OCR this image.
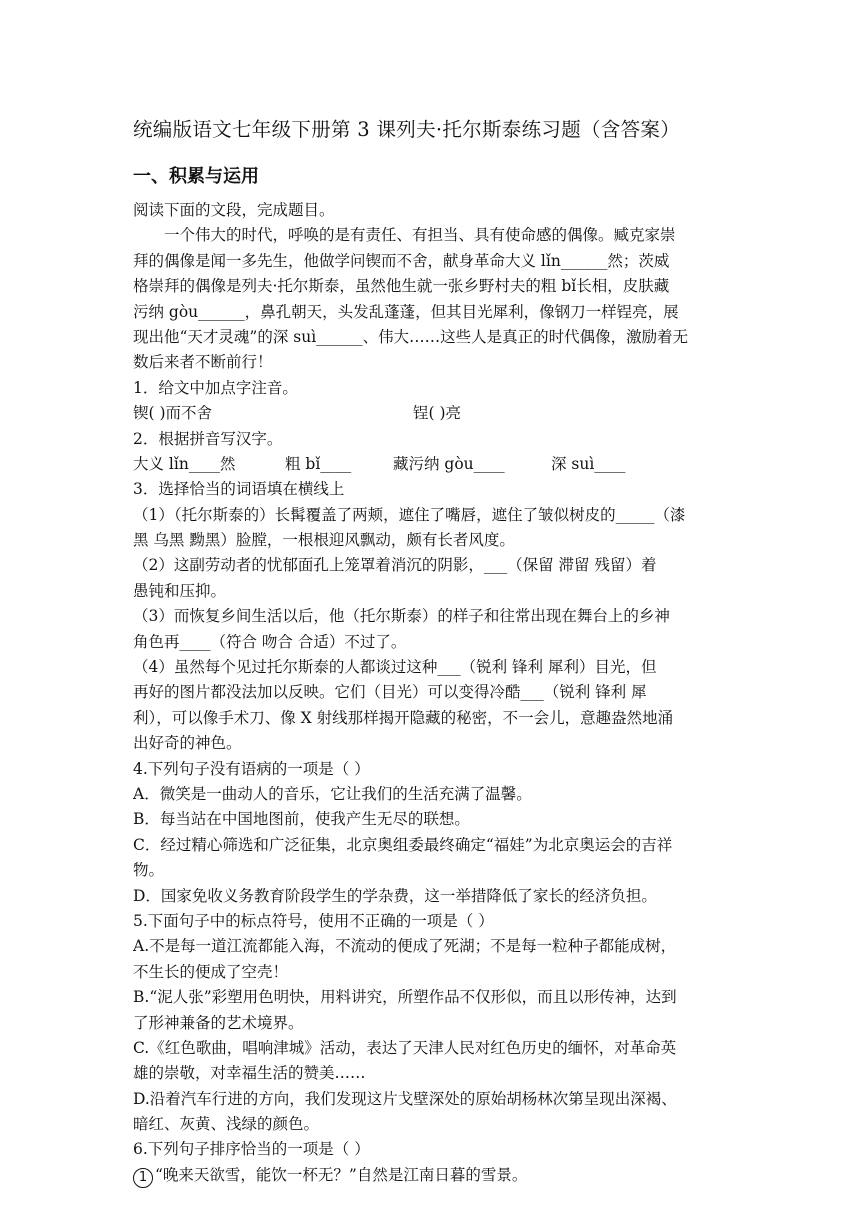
统编版语文七年级下册第 3 课列夫·托尔斯泰练习题（含答案）
一、积累与运用
阅读下面的文段，完成题目。
一个伟大的时代，呼唤的是有责任、有担当、具有使命感的偶像。臧克家崇
拜的偶像是闻一多先生，他做学问锲而不舍，献身革命大义 lǐn______然；茨威
格崇拜的偶像是列夫·托尔斯泰，虽然他生就一张乡野村夫的粗 bǐ长相，皮肤藏
污纳 gòu______，鼻孔朝天，头发乱蓬蓬，但其目光犀利，像钢刀一样锃亮，展
现出他“天才灵魂”的深 suì______、伟大……这些人是真正的时代偶像，激励着无
数后来者不断前行！
1．给文中加点字注音。
锲( )而不舍	锃( )亮
2．根据拼音写汉字。
大义 lǐn____然	粗 bǐ____	藏污纳 gòu____	深 suì____
3．选择恰当的词语填在横线上
（1）（托尔斯泰的）长髯覆盖了两颊，遮住了嘴唇，遮住了皱似树皮的_____（漆
黑 乌黑 黝黑）脸膛，一根根迎风飘动，颇有长者风度。
（2）这副劳动者的忧郁面孔上笼罩着消沉的阴影，___（保留 滞留 残留）着
愚钝和压抑。
（3）而恢复乡间生活以后，他（托尔斯泰）的样子和往常出现在舞台上的乡神
角色再____（符合 吻合 合适）不过了。
（4）虽然每个见过托尔斯泰的人都谈过这种___（锐利 锋利 犀利）目光，但
再好的图片都没法加以反映。它们（目光）可以变得冷酷___（锐利 锋利 犀
利），可以像手术刀、像 X 射线那样揭开隐藏的秘密，不一会儿，意趣盎然地涌
出好奇的神色。
4.下列句子没有语病的一项是（ ）
A．微笑是一曲动人的音乐，它让我们的生活充满了温馨。
B．每当站在中国地图前，使我产生无尽的联想。
C．经过精心筛选和广泛征集，北京奥组委最终确定“福娃”为北京奥运会的吉祥
物。
D．国家免收义务教育阶段学生的学杂费，这一举措降低了家长的经济负担。
5.下面句子中的标点符号，使用不正确的一项是（ ）
A.不是每一道江流都能入海，不流动的便成了死湖；不是每一粒种子都能成树，
不生长的便成了空壳！
B.“泥人张”彩塑用色明快，用料讲究，所塑作品不仅形似，而且以形传神，达到
了形神兼备的艺术境界。
C.《红色歌曲，唱响津城》活动，表达了天津人民对红色历史的缅怀，对革命英
雄的崇敬，对幸福生活的赞美……
D.沿着汽车行进的方向，我们发现这片戈壁深处的原始胡杨林次第呈现出深褐、
暗红、灰黄、浅绿的颜色。
6.下列句子排序恰当的一项是（ ）
1 “晚来天欲雪，能饮一杯无？”自然是江南日暮的雪景。
